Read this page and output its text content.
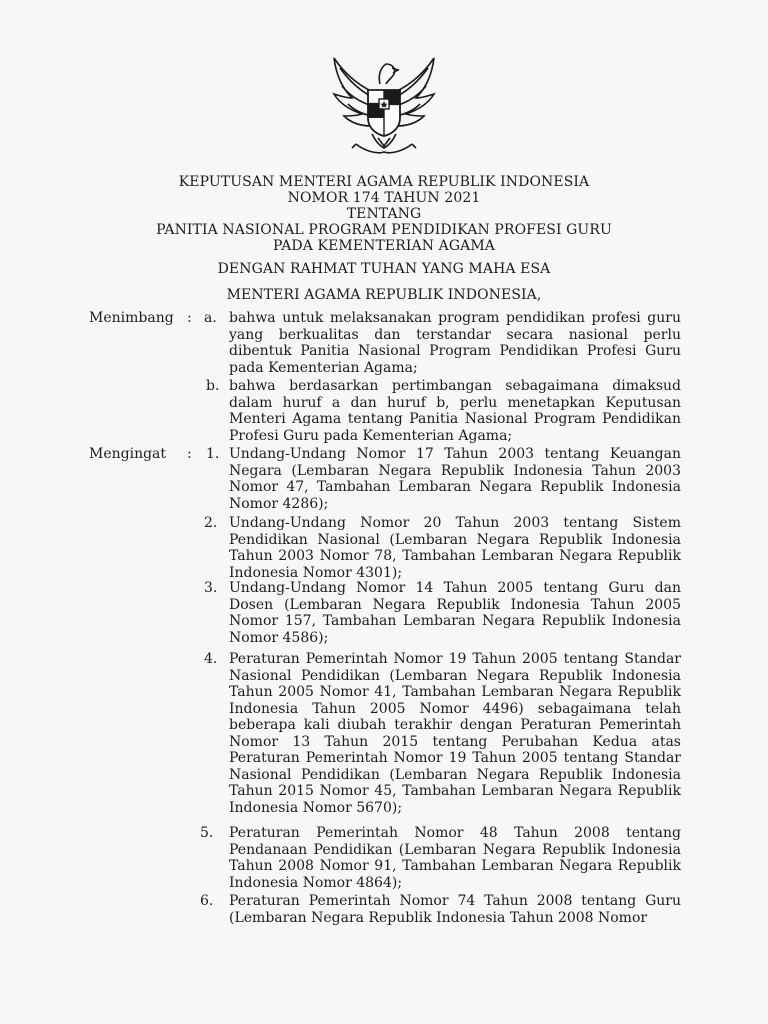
KEPUTUSAN MENTERI AGAMA REPUBLIK INDONESIA
NOMOR 174 TAHUN 2021
TENTANG
PANITIA NASIONAL PROGRAM PENDIDIKAN PROFESI GURU
PADA KEMENTERIAN AGAMA
DENGAN RAHMAT TUHAN YANG MAHA ESA
MENTERI AGAMA REPUBLIK INDONESIA,
Menimbang : a. bahwa untuk melaksanakan program pendidikan profesi guru yang berkualitas dan terstandar secara nasional perlu dibentuk Panitia Nasional Program Pendidikan Profesi Guru pada Kementerian Agama;
b. bahwa berdasarkan pertimbangan sebagaimana dimaksud dalam huruf a dan huruf b, perlu menetapkan Keputusan Menteri Agama tentang Panitia Nasional Program Pendidikan Profesi Guru pada Kementerian Agama;
Mengingat : 1. Undang-Undang Nomor 17 Tahun 2003 tentang Keuangan Negara (Lembaran Negara Republik Indonesia Tahun 2003 Nomor 47, Tambahan Lembaran Negara Republik Indonesia Nomor 4286);
2. Undang-Undang Nomor 20 Tahun 2003 tentang Sistem Pendidikan Nasional (Lembaran Negara Republik Indonesia Tahun 2003 Nomor 78, Tambahan Lembaran Negara Republik Indonesia Nomor 4301);
3. Undang-Undang Nomor 14 Tahun 2005 tentang Guru dan Dosen (Lembaran Negara Republik Indonesia Tahun 2005 Nomor 157, Tambahan Lembaran Negara Republik Indonesia Nomor 4586);
4. Peraturan Pemerintah Nomor 19 Tahun 2005 tentang Standar Nasional Pendidikan (Lembaran Negara Republik Indonesia Tahun 2005 Nomor 41, Tambahan Lembaran Negara Republik Indonesia Tahun 2005 Nomor 4496) sebagaimana telah beberapa kali diubah terakhir dengan Peraturan Pemerintah Nomor 13 Tahun 2015 tentang Perubahan Kedua atas Peraturan Pemerintah Nomor 19 Tahun 2005 tentang Standar Nasional Pendidikan (Lembaran Negara Republik Indonesia Tahun 2015 Nomor 45, Tambahan Lembaran Negara Republik Indonesia Nomor 5670);
5. Peraturan Pemerintah Nomor 48 Tahun 2008 tentang Pendanaan Pendidikan (Lembaran Negara Republik Indonesia Tahun 2008 Nomor 91, Tambahan Lembaran Negara Republik Indonesia Nomor 4864);
6. Peraturan Pemerintah Nomor 74 Tahun 2008 tentang Guru (Lembaran Negara Republik Indonesia Tahun 2008 Nomor
